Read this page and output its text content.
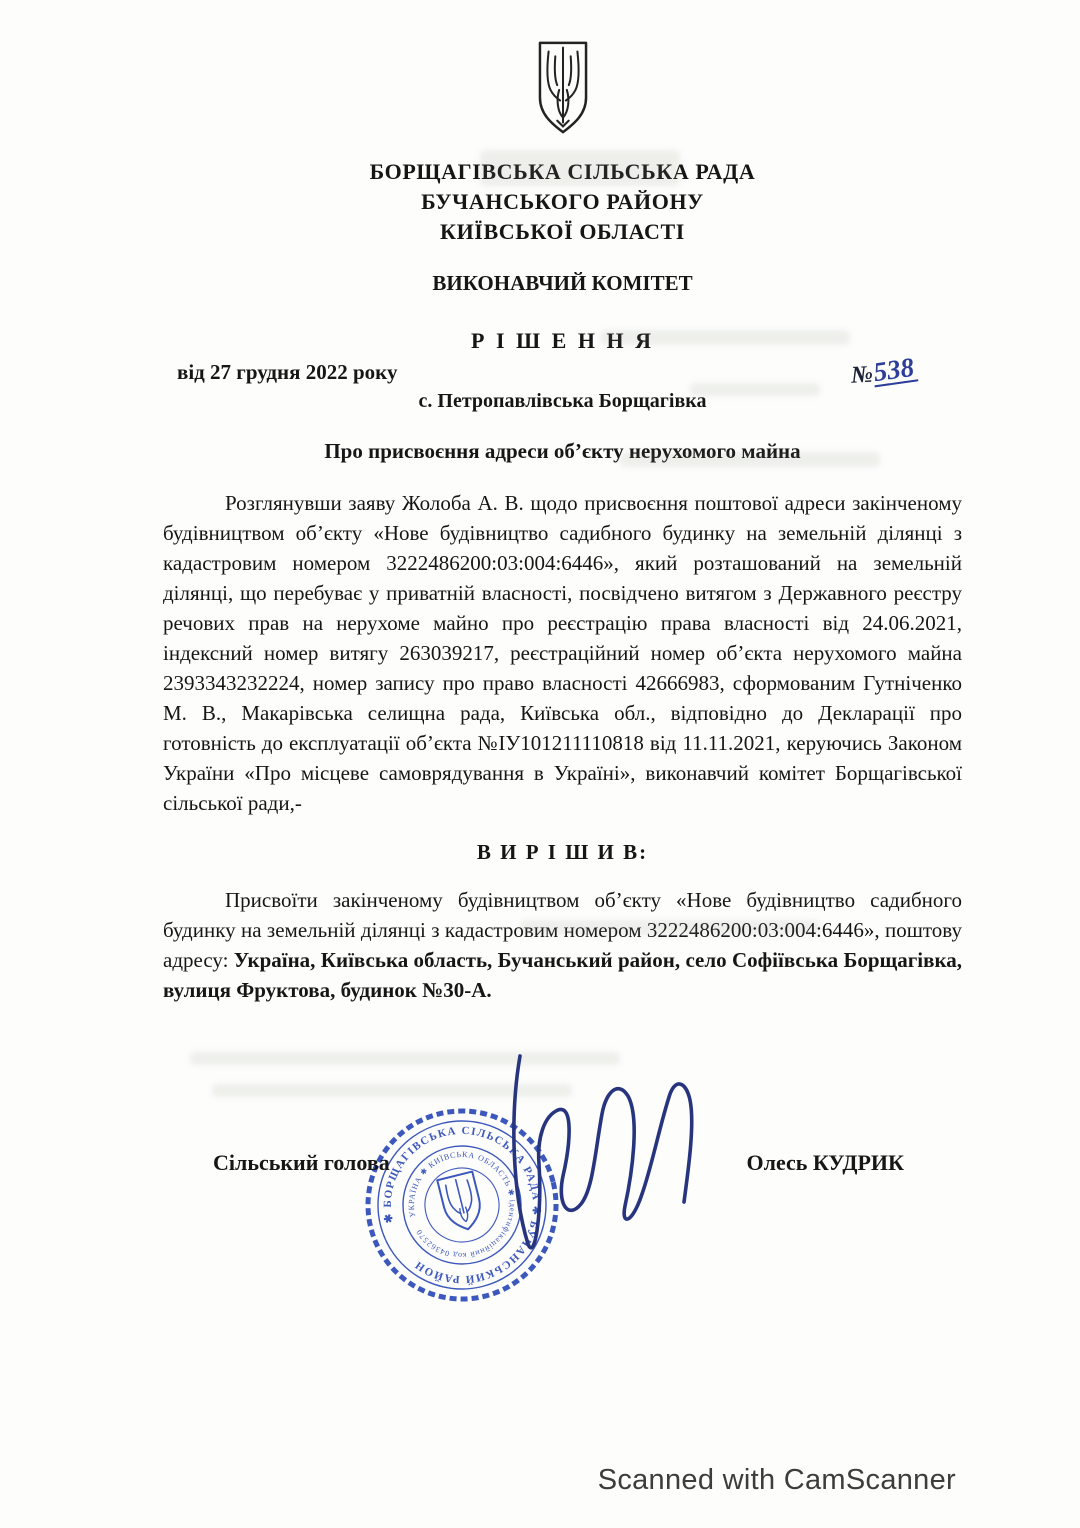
БОРЩАГІВСЬКА СІЛЬСЬКА РАДА
БУЧАНСЬКОГО РАЙОНУ
КИЇВСЬКОЇ ОБЛАСТІ
ВИКОНАВЧИЙ КОМІТЕТ
Р І Ш Е Н Н Я
від 27 грудня 2022 року	№538
с. Петропавлівська Борщагівка
Про присвоєння адреси об’єкту нерухомого майна

Розглянувши заяву Жолоба А. В. щодо присвоєння поштової адреси закінченому будівництвом об’єкту «Нове будівництво садибного будинку на земельній ділянці з кадастровим номером 3222486200:03:004:6446», який розташований на земельній ділянці, що перебуває у приватній власності, посвідчено витягом з Державного реєстру речових прав на нерухоме майно про реєстрацію права власності від 24.06.2021, індексний номер витягу 263039217, реєстраційний номер об’єкта нерухомого майна 2393343232224, номер запису про право власності 42666983, сформованим Гутніченко М. В., Макарівська селищна рада, Київська обл., відповідно до Декларації про готовність до експлуатації об’єкта №ІУ101211110818 від 11.11.2021, керуючись Законом України «Про місцеве самоврядування в Україні», виконавчий комітет Борщагівської сільської ради,-

В И Р І Ш И В:

Присвоїти закінченому будівництвом об’єкту «Нове будівництво садибного будинку на земельній ділянці з кадастровим номером 3222486200:03:004:6446», поштову адресу: Україна, Київська область, Бучанський район, село Софіївська Борщагівка, вулиця Фруктова, будинок №30-А.

✱ БОРЩАГІВСЬКА СІЛЬСЬКА РАДА ✱ БУЧАНСЬКИЙ РАЙОН
УКРАЇНА ✱ КИЇВСЬКА ОБЛАСТЬ ✱ ідентифікаційний код 04362570
Сільський голова	Олесь КУДРИК
Scanned with CamScanner
